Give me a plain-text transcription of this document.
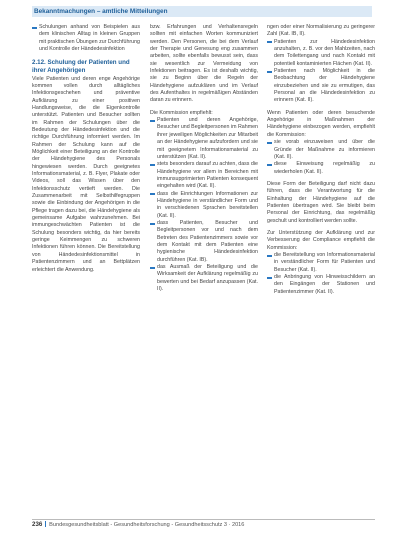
Bekanntmachungen – amtliche Mitteilungen
Schulungen anhand von Beispielen aus dem klinischen Alltag in kleinen Gruppen mit praktischen Übungen zur Durchführung und Kontrolle der Händedesinfektion
2.12. Schulung der Patienten und ihrer Angehörigen

Viele Patienten und deren enge Angehörige kommen vollen durch alltägliches Infektionsgeschehen und präventive Aufklärung zu einer positiven Handlungsweise, die die Eigenkontrolle unterstützt. Patienten und Besucher sollten im Rahmen der Schulungen über die Bedeutung der Händedesinfektion und die richtige Durchführung informiert werden. Im Rahmen der Schulung kann auf die Möglichkeit einer Beteiligung an der Kontrolle der Händehygiene des Personals hingewiesen werden. Durch geeignetes Informationsmaterial, z. B. Flyer, Plakate oder Videos, soll das Wissen über den Infektionsschutz vertieft werden. Die Zusammenarbeit mit Selbsthilfegruppen sowie die Einbindung der Angehörigen in die Pflege tragen dazu bei, die Händehygiene als gemeinsame Aufgabe wahrzunehmen. Bei immungeschwächten Patienten ist die Schulung besonders wichtig, da hier bereits geringe Keimmengen zu schweren Infektionen führen können. Die Bereitstellung von Händedesinfektionsmittel in Patientenzimmern und an Bettplätzen erleichtert die Anwendung.

bzw. Erfahrungen und Verhaltensregeln sollten mit einfachen Worten kommuniziert werden. Den Personen, die bei dem Verlauf der Therapie und Genesung eng zusammen arbeiten, sollte ebenfalls bewusst sein, dass sie wesentlich zur Vermeidung von Infektionen beitragen. Es ist deshalb wichtig, sie zu Beginn über die Regeln der Händehygiene aufzuklären und im Verlauf des Aufenthaltes in regelmäßigen Abständen daran zu erinnern.

Die Kommission empfiehlt:

Patienten und deren Angehörige, Besucher und Begleitpersonen im Rahmen ihrer jeweiligen Möglichkeiten zur Mitarbeit an der Händehygiene aufzufordern und sie mit geeignetem Informationsmaterial zu unterstützen (Kat. II).
stets besonders darauf zu achten, dass die Händehygiene vor allem in Bereichen mit immunsupprimierten Patienten konsequent eingehalten wird (Kat. II).
dass die Einrichtungen Informationen zur Händehygiene in verständlicher Form und in verschiedenen Sprachen bereitstellen (Kat. II).
dass Patienten, Besucher und Begleitpersonen vor und nach dem Betreten des Patientenzimmers sowie vor dem Kontakt mit dem Patienten eine hygienische Händedesinfektion durchführen (Kat. IB).
das Ausmaß der Beteiligung und die Wirksamkeit der Aufklärung regelmäßig zu bewerten und bei Bedarf anzupassen (Kat. II).

ngen oder einer Normalisierung zu geringerer Zahl (Kat. IB, II).

Patienten zur Händedesinfektion anzuhalten, z. B. vor den Mahlzeiten, nach dem Toilettengang und nach Kontakt mit potentiell kontaminierten Flächen (Kat. II).
Patienten nach Möglichkeit in die Beobachtung der Händehygiene einzubeziehen und sie zu ermutigen, das Personal an die Händedesinfektion zu erinnern (Kat. II).

Wenn Patienten oder deren besuchende Angehörige in Maßnahmen der Händehygiene einbezogen werden, empfiehlt die Kommission:

sie vorab einzuweisen und über die Gründe der Maßnahme zu informieren (Kat. II).
diese Einweisung regelmäßig zu wiederholen (Kat. II).

Diese Form der Beteiligung darf nicht dazu führen, dass die Verantwortung für die Einhaltung der Händehygiene auf die Patienten übertragen wird. Sie bleibt beim Personal der Einrichtung, das regelmäßig geschult und kontrolliert werden sollte.

Zur Unterstützung der Aufklärung und zur Verbesserung der Compliance empfiehlt die Kommission:

die Bereitstellung von Informationsmaterial in verständlicher Form für Patienten und Besucher (Kat. II).
die Anbringung von Hinweisschildern an den Eingängen der Stationen und Patientenzimmer (Kat. II).
236 Bundesgesundheitsblatt - Gesundheitsforschung - Gesundheitsschutz 3 · 2016
